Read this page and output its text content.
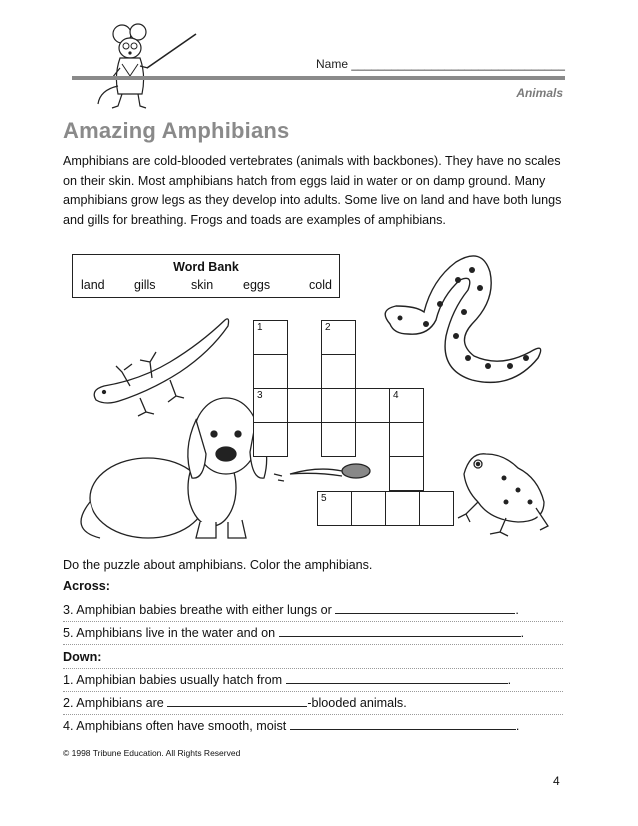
Name ________________________________
Animals
Amazing Amphibians
Amphibians are cold-blooded vertebrates (animals with backbones). They have no scales on their skin. Most amphibians hatch from eggs laid in water or on damp ground. Many amphibians grow legs as they develop into adults. Some live on land and have both lungs and gills for breathing. Frogs and toads are examples of amphibians.
Word Bank
land gills	skin eggs	cold
1
3	4
2
5
Do the puzzle about amphibians. Color the amphibians.
Across:
3. Amphibian babies breathe with either lungs or	.
5. Amphibians live in the water and on	.
Down:
1. Amphibian babies usually hatch from	.
2. Amphibians are	-blooded animals.
4. Amphibians often have smooth, moist	.
© 1998 Tribune Education. All Rights Reserved
4
